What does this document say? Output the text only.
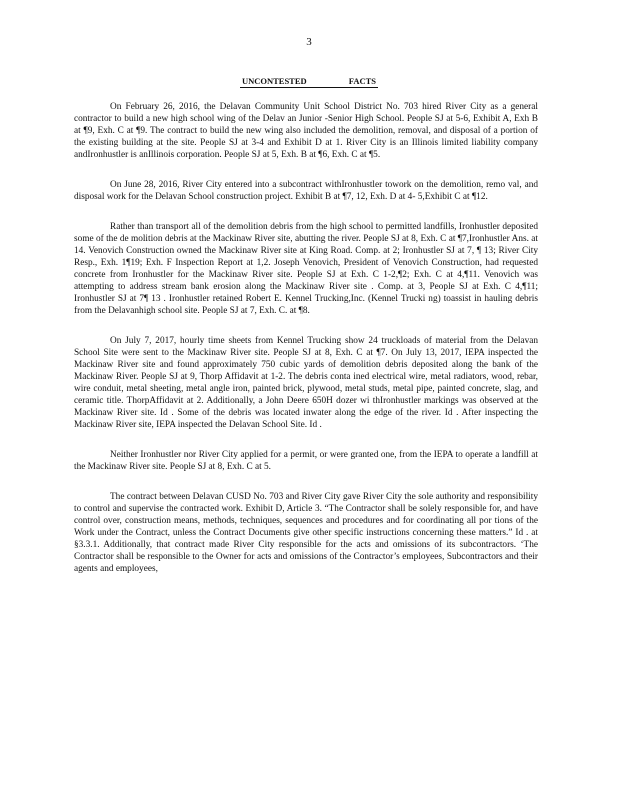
3
UNCONTESTED FACTS

On February 26, 2016, the Delavan Community Unit School District No. 703 hired River City as a general contractor to build a new high school wing of the Delav an Junior -Senior High School. People SJ at 5-6, Exhibit A, Exh B at ¶9, Exh. C at ¶9. The contract to build the new wing also included the demolition, removal, and disposal of a portion of the existing building at the site. People SJ at 3-4 and Exhibit D at 1. River City is an Illinois limited liability company andIronhustler is anIllinois corporation. People SJ at 5, Exh. B at ¶6, Exh. C at ¶5.

On June 28, 2016, River City entered into a subcontract withIronhustler towork on the demolition, remo val, and disposal work for the Delavan School construction project. Exhibit B at ¶7, 12, Exh. D at 4- 5,Exhibit C at ¶12.

Rather than transport all of the demolition debris from the high school to permitted landfills, Ironhustler deposited some of the de molition debris at the Mackinaw River site, abutting the river. People SJ at 8, Exh. C at ¶7,Ironhustler Ans. at 14. Venovich Construction owned the Mackinaw River site at King Road. Comp. at 2; Ironhustler SJ at 7, ¶ 13; River City Resp., Exh. 1¶19; Exh. F Inspection Report at 1,2. Joseph Venovich, President of Venovich Construction, had requested concrete from Ironhustler for the Mackinaw River site. People SJ at Exh. C 1-2,¶2; Exh. C at 4,¶11. Venovich was attempting to address stream bank erosion along the Mackinaw River site . Comp. at 3, People SJ at Exh. C 4,¶11; Ironhustler SJ at 7¶ 13 . Ironhustler retained Robert E. Kennel Trucking,Inc. (Kennel Trucki ng) toassist in hauling debris from the Delavanhigh school site. People SJ at 7, Exh. C. at ¶8.

On July 7, 2017, hourly time sheets from Kennel Trucking show 24 truckloads of material from the Delavan School Site were sent to the Mackinaw River site. People SJ at 8, Exh. C at ¶7. On July 13, 2017, IEPA inspected the Mackinaw River site and found approximately 750 cubic yards of demolition debris deposited along the bank of the Mackinaw River. People SJ at 9, Thorp Affidavit at 1-2. The debris conta ined electrical wire, metal radiators, wood, rebar, wire conduit, metal sheeting, metal angle iron, painted brick, plywood, metal studs, metal pipe, painted concrete, slag, and ceramic title. ThorpAffidavit at 2. Additionally, a John Deere 650H dozer wi thIronhustler markings was observed at the Mackinaw River site. Id . Some of the debris was located inwater along the edge of the river. Id . After inspecting the Mackinaw River site, IEPA inspected the Delavan School Site. Id .

Neither Ironhustler nor River City applied for a permit, or were granted one, from the IEPA to operate a landfill at the Mackinaw River site. People SJ at 8, Exh. C at 5.

The contract between Delavan CUSD No. 703 and River City gave River City the sole authority and responsibility to control and supervise the contracted work. Exhibit D, Article 3. “The Contractor shall be solely responsible for, and have control over, construction means, methods, techniques, sequences and procedures and for coordinating all por tions of the Work under the Contract, unless the Contract Documents give other specific instructions concerning these matters.” Id . at §3.3.1. Additionally, that contract made River City responsible for the acts and omissions of its subcontractors. ‘The Contractor shall be responsible to the Owner for acts and omissions of the Contractor’s employees, Subcontractors and their agents and employees,
